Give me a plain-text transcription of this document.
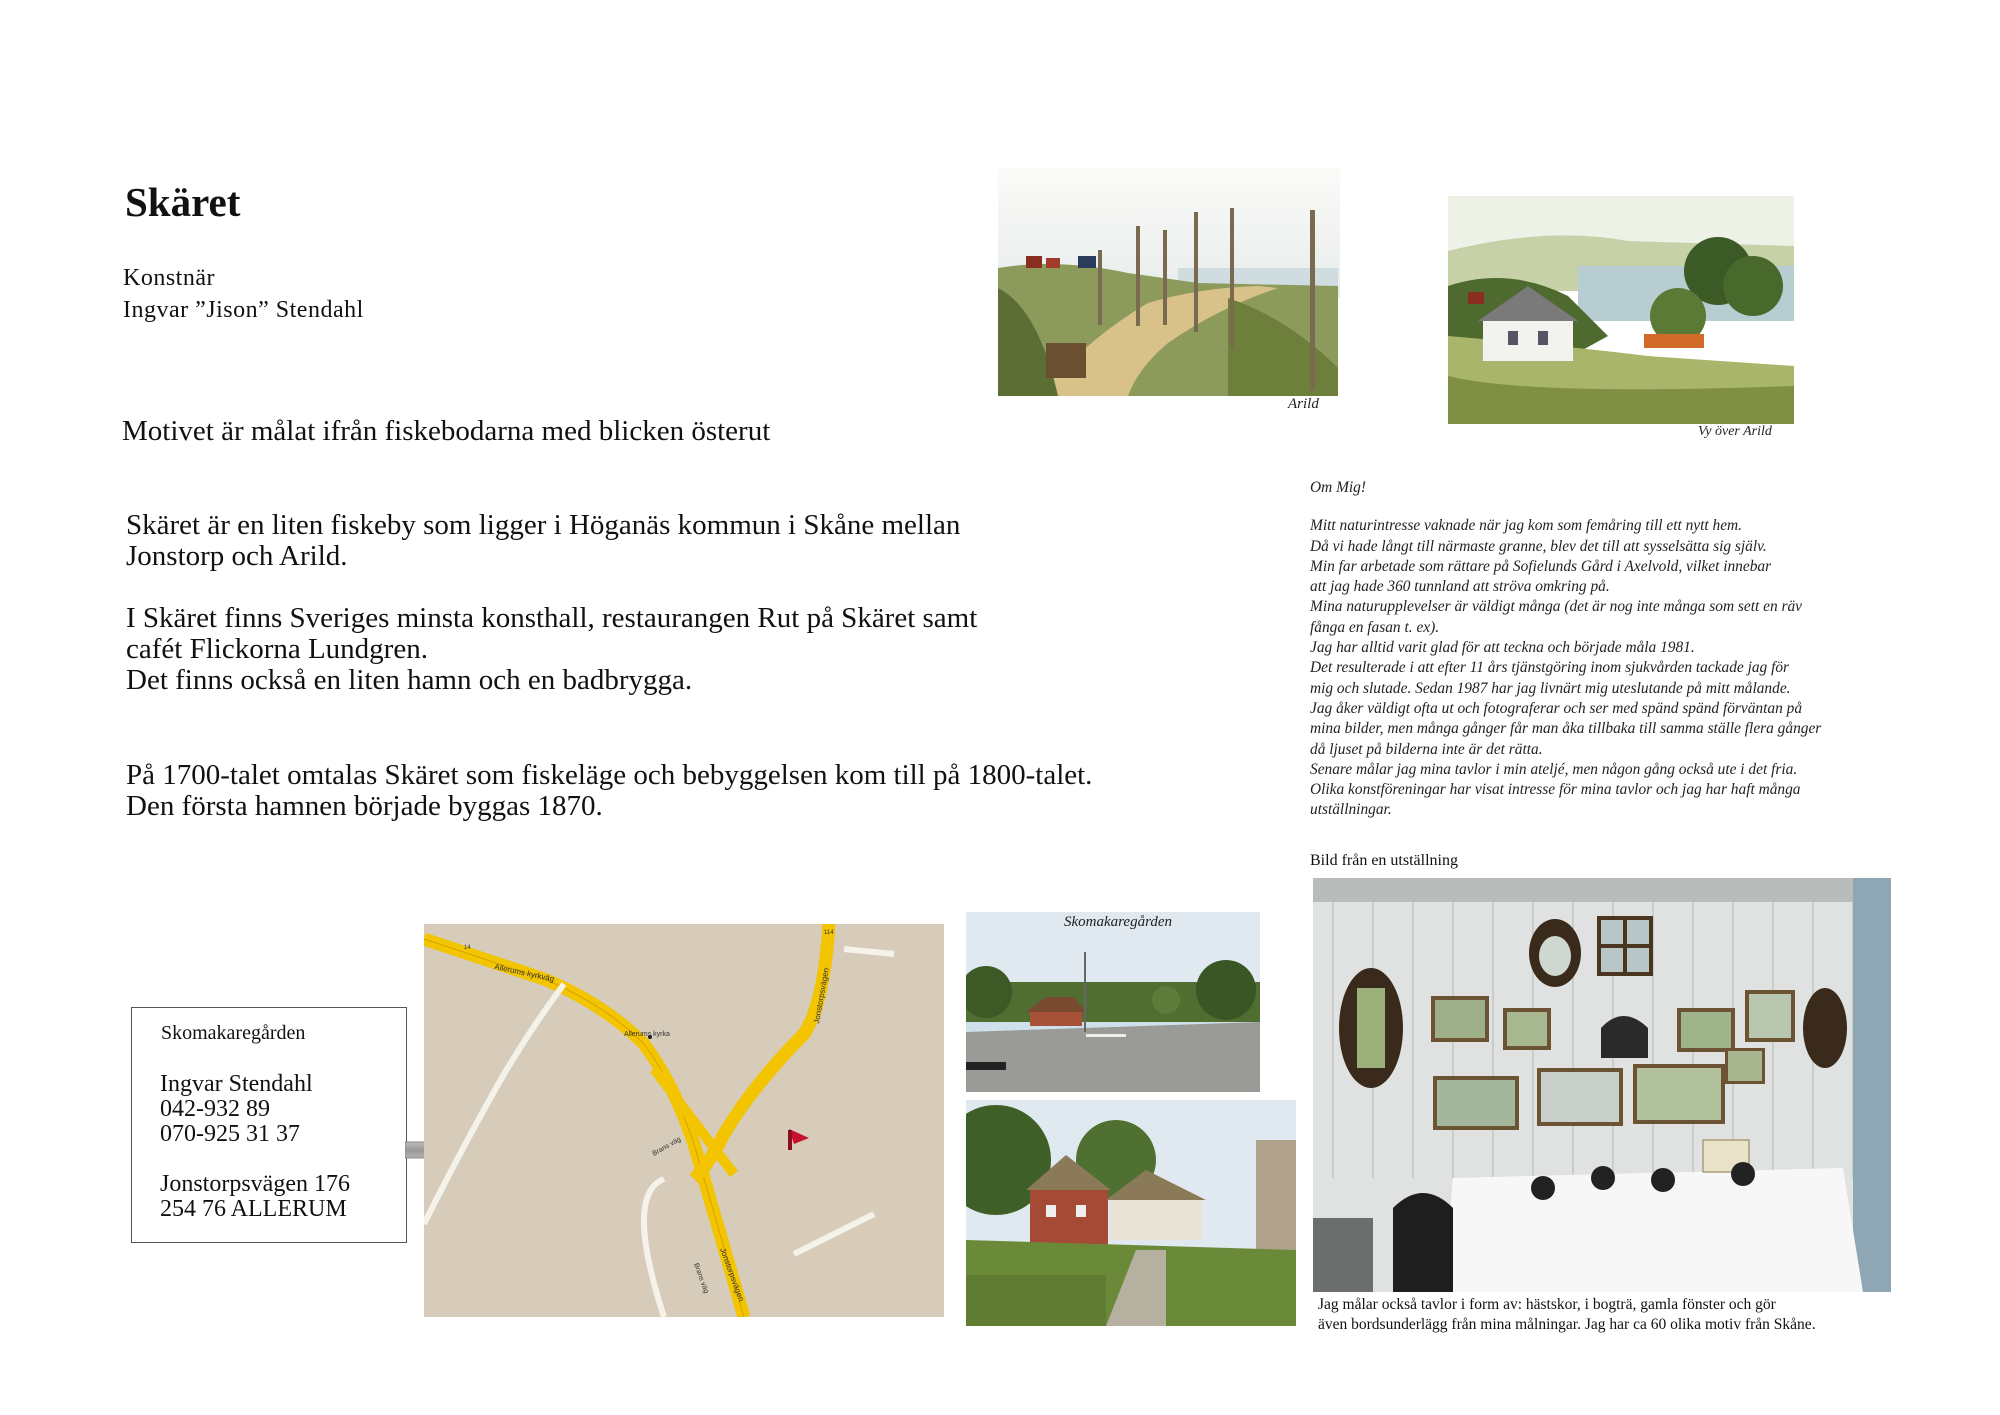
Skäret
Konstnär
Ingvar ”Jison” Stendahl
Motivet är målat ifrån fiskebodarna med blicken österut
Skäret är en liten fiskeby som ligger i Höganäs kommun i Skåne mellan
Jonstorp och Arild.
I Skäret finns Sveriges minsta konsthall, restaurangen Rut på Skäret samt
cafét Flickorna Lundgren.
Det finns också en liten hamn och en badbrygga.
På 1700-talet omtalas Skäret som fiskeläge och bebyggelsen kom till på 1800-talet.
Den första hamnen började byggas 1870.
Arild
Vy över Arild
Om Mig!
Mitt naturintresse vaknade när jag kom som femåring till ett nytt hem.
Då vi hade långt till närmaste granne, blev det till att sysselsätta sig själv.
Min far arbetade som rättare på Sofielunds Gård i Axelvold, vilket innebar
att jag hade 360 tunnland att ströva omkring på.
Mina naturupplevelser är väldigt många (det är nog inte många som sett en räv
fånga en fasan t. ex).
Jag har alltid varit glad för att teckna och började måla 1981.
Det resulterade i att efter 11 års tjänstgöring inom sjukvården tackade jag för
mig och slutade. Sedan 1987 har jag livnärt mig uteslutande på mitt målande.
Jag åker väldigt ofta ut och fotograferar och ser med spänd spänd förväntan på
mina bilder, men många gånger får man åka tillbaka till samma ställe flera gånger
då ljuset på bilderna inte är det rätta.
Senare målar jag mina tavlor i min ateljé, men någon gång också ute i det fria.
Olika konstföreningar har visat intresse för mina tavlor och jag har haft många
utställningar.
Skomakaregården
Ingvar Stendahl
042-932 89
070-925 31 37
Jonstorpsvägen 176
254 76 ALLERUM
Allerums kyrkväg
14
114
Allerums kyrka
Jonstorpsvägen
Jonstorpsvägen
Brans väg
Brans väg
Skomakaregården
Bild från en utställning
Jag målar också tavlor i form av: hästskor, i bogträ, gamla fönster och gör
även bordsunderlägg från mina målningar. Jag har ca 60 olika motiv från Skåne.
